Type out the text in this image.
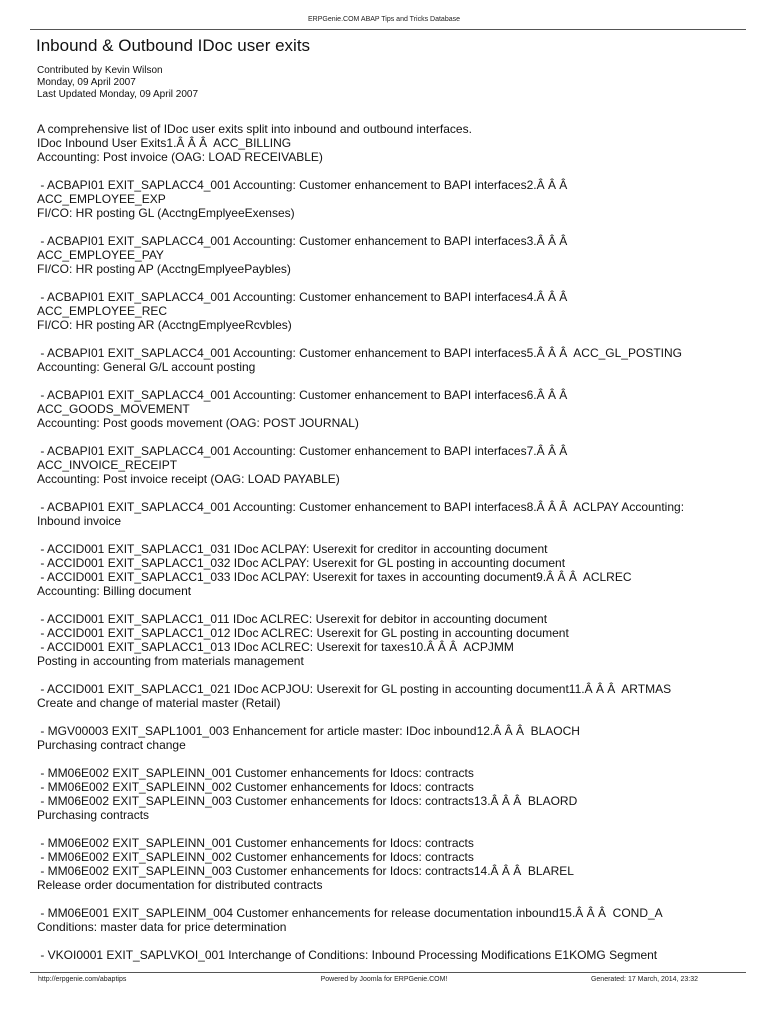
ERPGenie.COM ABAP Tips and Tricks Database
Inbound & Outbound IDoc user exits
Contributed by Kevin Wilson
Monday, 09 April 2007
Last Updated Monday, 09 April 2007
A comprehensive list of IDoc user exits split into inbound and outbound interfaces.
IDoc Inbound User Exits1.Â Â Â  ACC_BILLING
Accounting: Post invoice (OAG: LOAD RECEIVABLE)
- ACBAPI01 EXIT_SAPLACC4_001 Accounting: Customer enhancement to BAPI interfaces2.Â Â Â
ACC_EMPLOYEE_EXP
FI/CO: HR posting GL (AcctngEmplyeeExenses)
- ACBAPI01 EXIT_SAPLACC4_001 Accounting: Customer enhancement to BAPI interfaces3.Â Â Â
ACC_EMPLOYEE_PAY
FI/CO: HR posting AP (AcctngEmplyeePaybles)
- ACBAPI01 EXIT_SAPLACC4_001 Accounting: Customer enhancement to BAPI interfaces4.Â Â Â
ACC_EMPLOYEE_REC
FI/CO: HR posting AR (AcctngEmplyeeRcvbles)
- ACBAPI01 EXIT_SAPLACC4_001 Accounting: Customer enhancement to BAPI interfaces5.Â Â Â  ACC_GL_POSTING
Accounting: General G/L account posting
- ACBAPI01 EXIT_SAPLACC4_001 Accounting: Customer enhancement to BAPI interfaces6.Â Â Â
ACC_GOODS_MOVEMENT
Accounting: Post goods movement (OAG: POST JOURNAL)
- ACBAPI01 EXIT_SAPLACC4_001 Accounting: Customer enhancement to BAPI interfaces7.Â Â Â
ACC_INVOICE_RECEIPT
Accounting: Post invoice receipt (OAG: LOAD PAYABLE)
- ACBAPI01 EXIT_SAPLACC4_001 Accounting: Customer enhancement to BAPI interfaces8.Â Â Â  ACLPAY Accounting:
Inbound invoice
- ACCID001 EXIT_SAPLACC1_031 IDoc ACLPAY: Userexit for creditor in accounting document
- ACCID001 EXIT_SAPLACC1_032 IDoc ACLPAY: Userexit for GL posting in accounting document
- ACCID001 EXIT_SAPLACC1_033 IDoc ACLPAY: Userexit for taxes in accounting document9.Â Â Â  ACLREC
Accounting: Billing document
- ACCID001 EXIT_SAPLACC1_011 IDoc ACLREC: Userexit for debitor in accounting document
- ACCID001 EXIT_SAPLACC1_012 IDoc ACLREC: Userexit for GL posting in accounting document
- ACCID001 EXIT_SAPLACC1_013 IDoc ACLREC: Userexit for taxes10.Â Â Â  ACPJMM
Posting in accounting from materials management
- ACCID001 EXIT_SAPLACC1_021 IDoc ACPJOU: Userexit for GL posting in accounting document11.Â Â Â  ARTMAS
Create and change of material master (Retail)
- MGV00003 EXIT_SAPL1001_003 Enhancement for article master: IDoc inbound12.Â Â Â  BLAOCH
Purchasing contract change
- MM06E002 EXIT_SAPLEINN_001 Customer enhancements for Idocs: contracts
- MM06E002 EXIT_SAPLEINN_002 Customer enhancements for Idocs: contracts
- MM06E002 EXIT_SAPLEINN_003 Customer enhancements for Idocs: contracts13.Â Â Â  BLAORD
Purchasing contracts
- MM06E002 EXIT_SAPLEINN_001 Customer enhancements for Idocs: contracts
- MM06E002 EXIT_SAPLEINN_002 Customer enhancements for Idocs: contracts
- MM06E002 EXIT_SAPLEINN_003 Customer enhancements for Idocs: contracts14.Â Â Â  BLAREL
Release order documentation for distributed contracts
- MM06E001 EXIT_SAPLEINM_004 Customer enhancements for release documentation inbound15.Â Â Â  COND_A
Conditions: master data for price determination
- VKOI0001 EXIT_SAPLVKOI_001 Interchange of Conditions: Inbound Processing Modifications E1KOMG Segment
http://erpgenie.com/abaptips	Powered by Joomla for ERPGenie.COM!	Generated: 17 March, 2014, 23:32
